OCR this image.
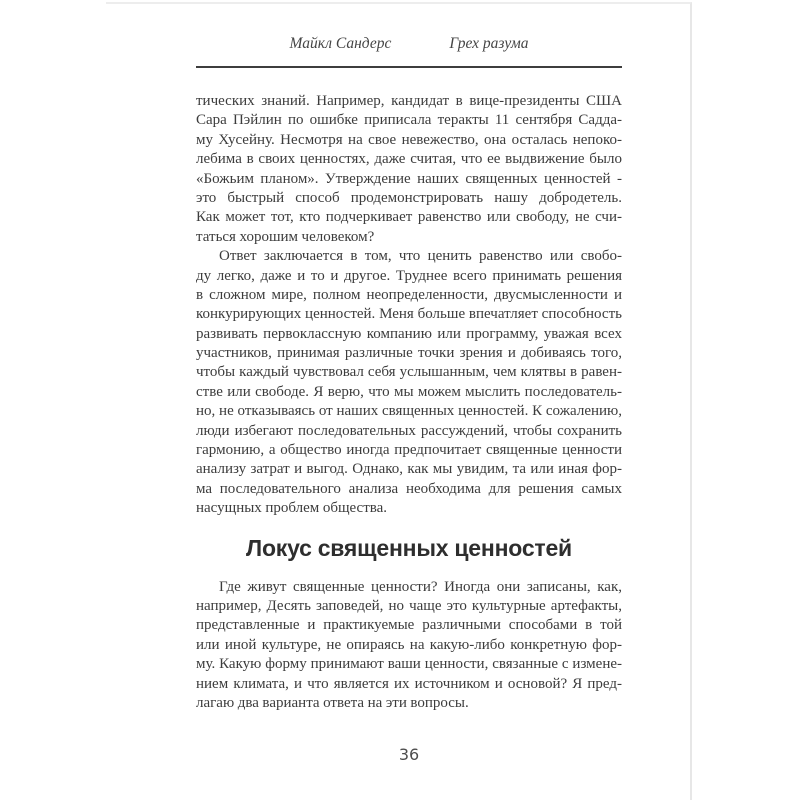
Майкл Сандерс	Грех разума
тических знаний. Например, кандидат в вице-президенты США
Сара Пэйлин по ошибке приписала теракты 11 сентября Садда-
му Хусейну. Несмотря на свое невежество, она осталась непоко-
лебима в своих ценностях, даже считая, что ее выдвижение было
«Божьим планом». Утверждение наших священных ценностей -
это быстрый способ продемонстрировать нашу добродетель.
Как может тот, кто подчеркивает равенство или свободу, не счи-
таться хорошим человеком?
Ответ заключается в том, что ценить равенство или свобо-
ду легко, даже и то и другое. Труднее всего принимать решения
в сложном мире, полном неопределенности, двусмысленности и
конкурирующих ценностей. Меня больше впечатляет способность
развивать первоклассную компанию или программу, уважая всех
участников, принимая различные точки зрения и добиваясь того,
чтобы каждый чувствовал себя услышанным, чем клятвы в равен-
стве или свободе. Я верю, что мы можем мыслить последователь-
но, не отказываясь от наших священных ценностей. К сожалению,
люди избегают последовательных рассуждений, чтобы сохранить
гармонию, а общество иногда предпочитает священные ценности
анализу затрат и выгод. Однако, как мы увидим, та или иная фор-
ма последовательного анализа необходима для решения самых
насущных проблем общества.
Локус священных ценностей
Где живут священные ценности? Иногда они записаны, как,
например, Десять заповедей, но чаще это культурные артефакты,
представленные и практикуемые различными способами в той
или иной культуре, не опираясь на какую-либо конкретную фор-
му. Какую форму принимают ваши ценности, связанные с измене-
нием климата, и что является их источником и основой? Я пред-
лагаю два варианта ответа на эти вопросы.
36
